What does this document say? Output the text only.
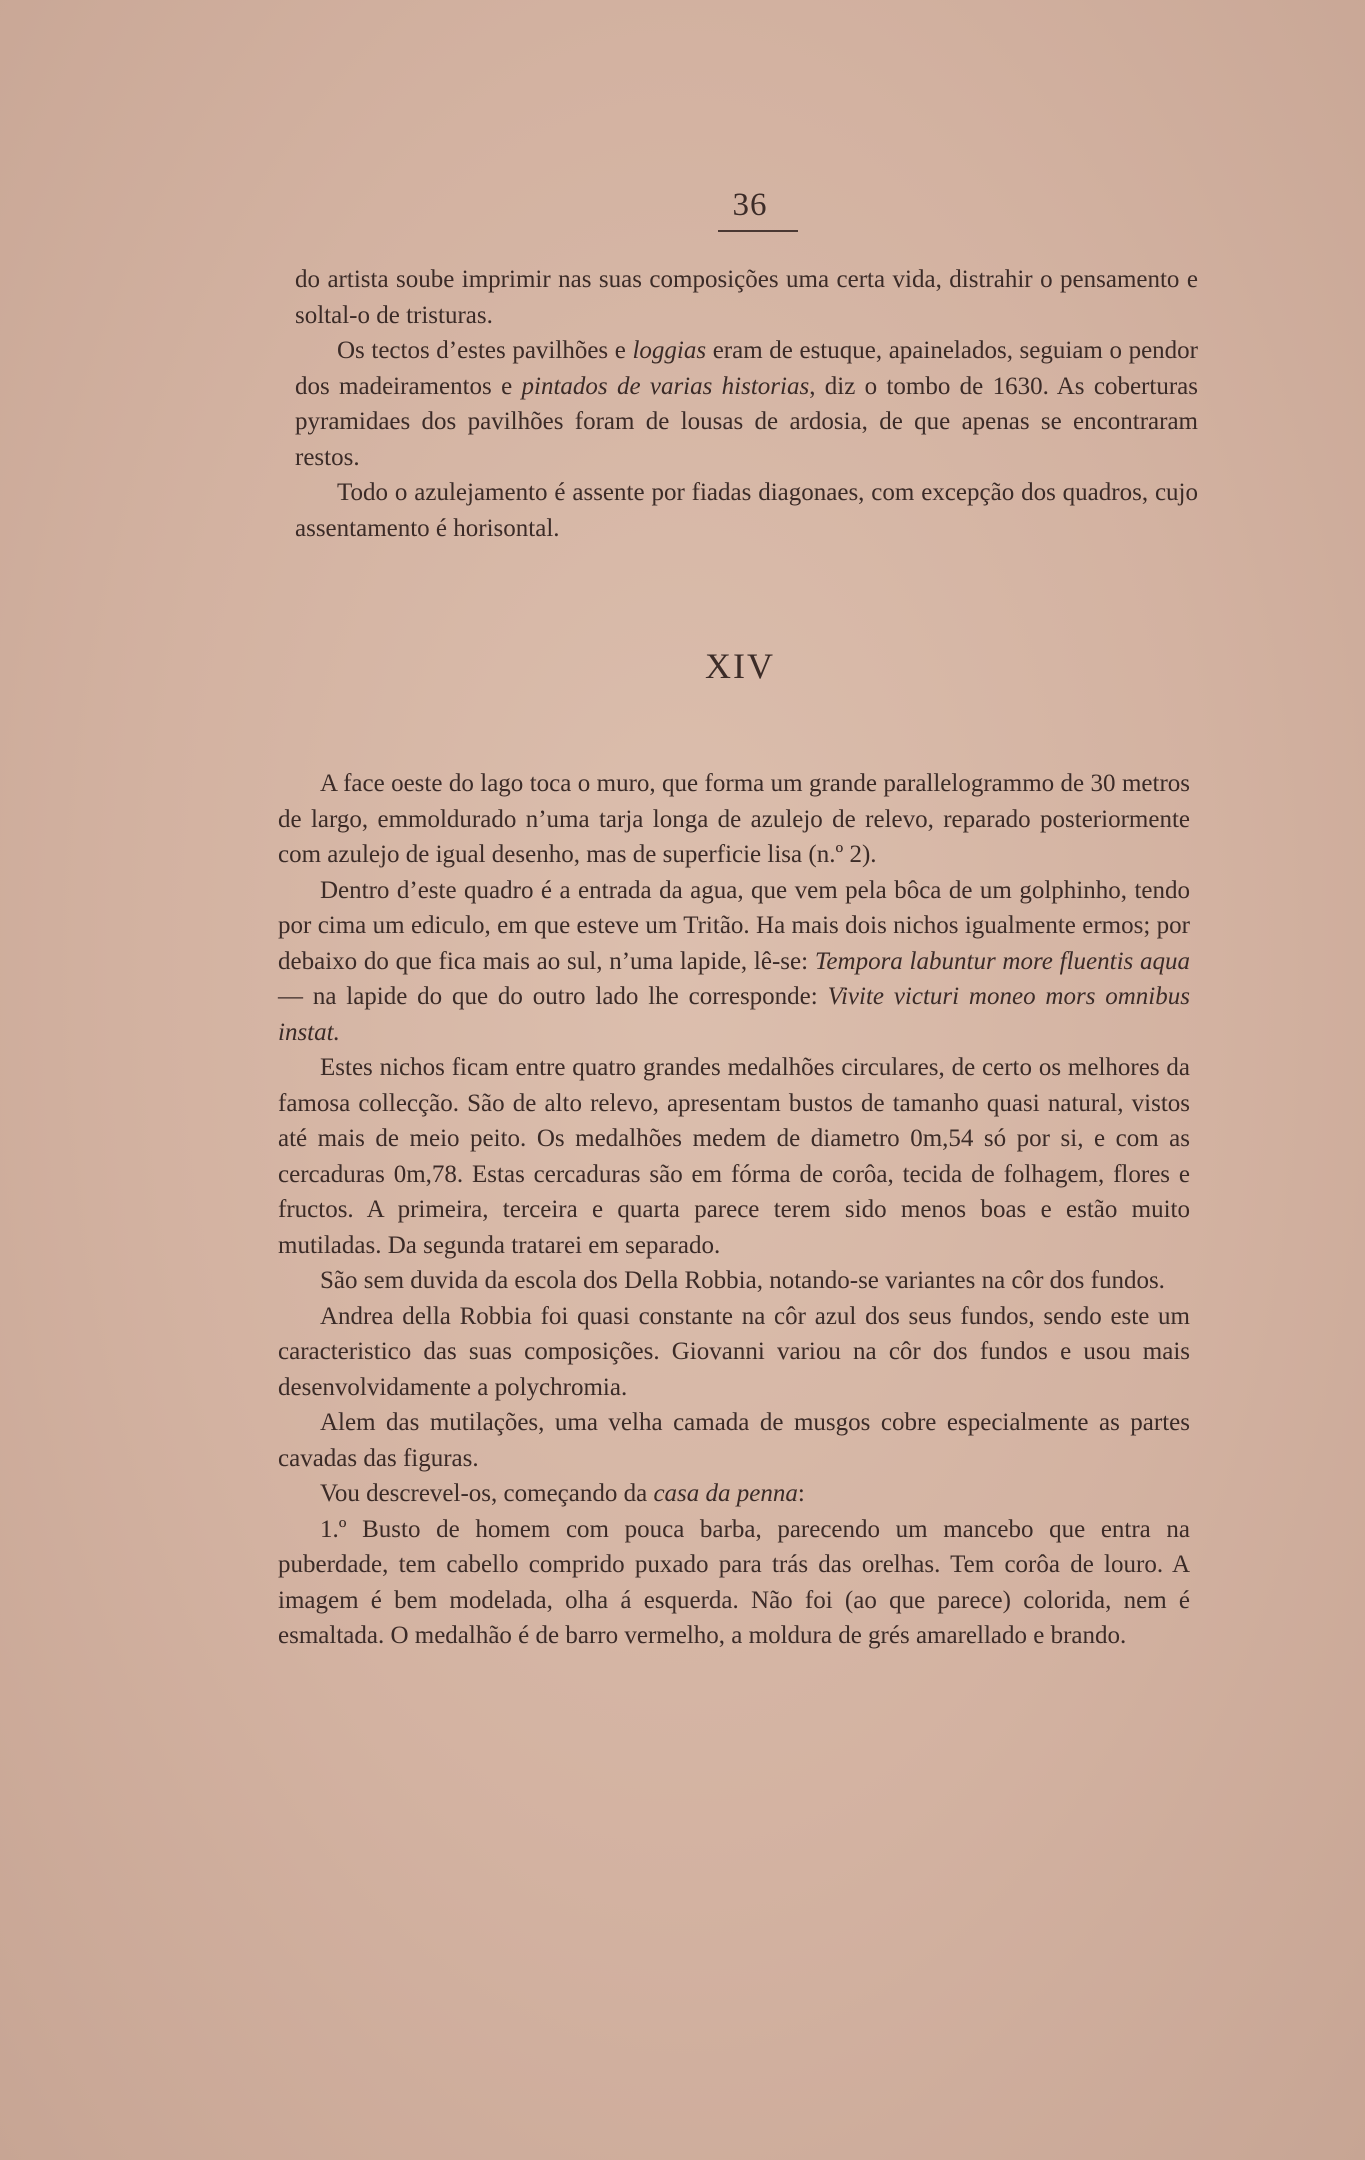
36

do artista soube imprimir nas suas composições uma certa vida, distrahir o pensamento e soltal-o de tristuras.

Os tectos d’estes pavilhões e loggias eram de estuque, apainelados, seguiam o pendor dos madeiramentos e pintados de varias historias, diz o tombo de 1630. As coberturas pyramidaes dos pavilhões foram de lousas de ardosia, de que apenas se encontraram restos.

Todo o azulejamento é assente por fiadas diagonaes, com excepção dos quadros, cujo assentamento é horisontal.

XIV

A face oeste do lago toca o muro, que forma um grande parallelogrammo de 30 metros de largo, emmoldurado n’uma tarja longa de azulejo de relevo, reparado posteriormente com azulejo de igual desenho, mas de superficie lisa (n.º 2).

Dentro d’este quadro é a entrada da agua, que vem pela bôca de um golphinho, tendo por cima um ediculo, em que esteve um Tritão. Ha mais dois nichos igualmente ermos; por debaixo do que fica mais ao sul, n’uma lapide, lê-se: Tempora labuntur more fluentis aqua — na lapide do que do outro lado lhe corresponde: Vivite victuri moneo mors omnibus instat.

Estes nichos ficam entre quatro grandes medalhões circulares, de certo os melhores da famosa collecção. São de alto relevo, apresentam bustos de tamanho quasi natural, vistos até mais de meio peito. Os medalhões medem de diametro 0m,54 só por si, e com as cercaduras 0m,78. Estas cercaduras são em fórma de corôa, tecida de folhagem, flores e fructos. A primeira, terceira e quarta parece terem sido menos boas e estão muito mutiladas. Da segunda tratarei em separado.

São sem duvida da escola dos Della Robbia, notando-se variantes na côr dos fundos.

Andrea della Robbia foi quasi constante na côr azul dos seus fundos, sendo este um caracteristico das suas composições. Giovanni variou na côr dos fundos e usou mais desenvolvidamente a polychromia.

Alem das mutilações, uma velha camada de musgos cobre especialmente as partes cavadas das figuras.

Vou descrevel-os, começando da casa da penna:

1.º Busto de homem com pouca barba, parecendo um mancebo que entra na puberdade, tem cabello comprido puxado para trás das orelhas. Tem corôa de louro. A imagem é bem modelada, olha á esquerda. Não foi (ao que parece) colorida, nem é esmaltada. O medalhão é de barro vermelho, a moldura de grés amarellado e brando.
